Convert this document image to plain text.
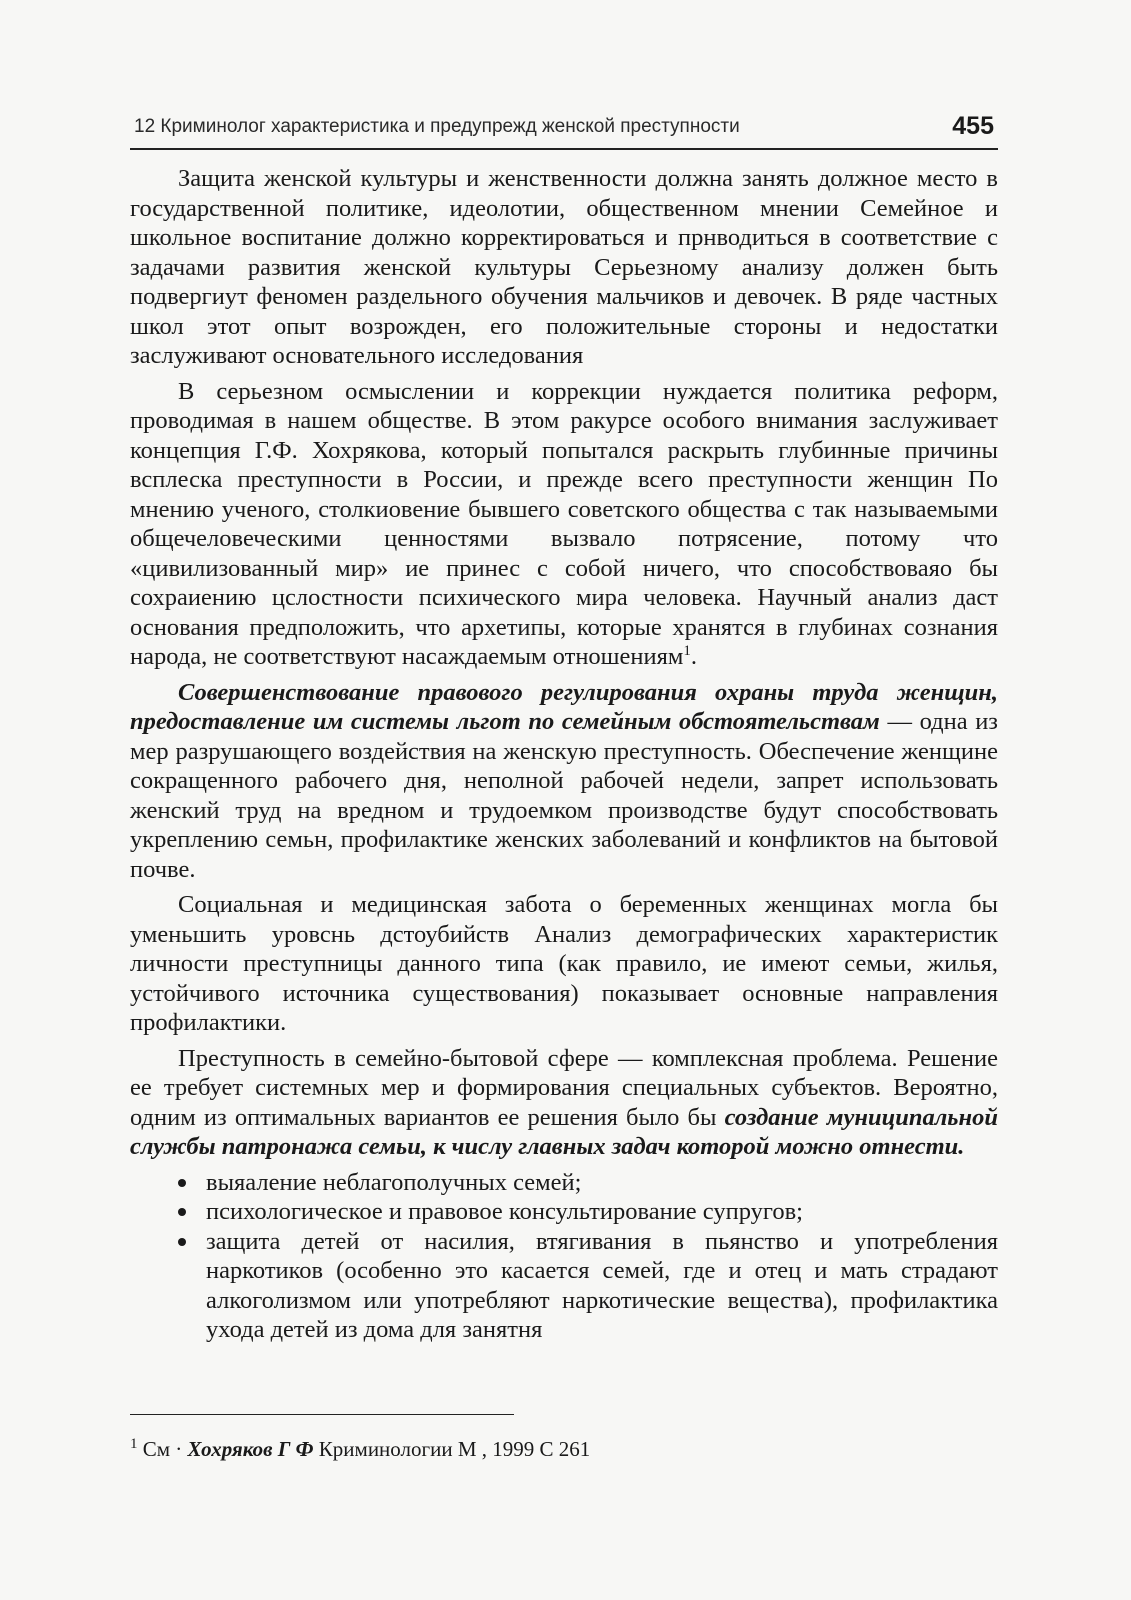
12 Криминолог характеристика и предупрежд женской преступности	455

Защита женской культуры и женственности должна занять должное место в государственной политике, идеолотии, общественном мнении Семейное и школьное воспитание должно корректироваться и прнводиться в соответствие с задачами развития женской культуры Серьезному анализу должен быть подвергиут феномен раздельного обучения мальчиков и девочек. В ряде частных школ этот опыт возрожден, его положительные стороны и недостатки заслуживают основательного исследования

В серьезном осмыслении и коррекции нуждается политика реформ, проводимая в нашем обществе. В этом ракурсе особого внимания заслуживает концепция Г.Ф. Хохрякова, который попытался раскрыть глубинные причины всплеска преступности в России, и прежде всего преступности женщин По мнению ученого, столкиовение бывшего советского общества с так называемыми общечеловеческими ценностями вызвало потрясение, потому что «цивилизованный мир» ие принес с собой ничего, что способствоваяо бы сохраиению цслостности психического мира человека. Научный анализ даст основания предположить, что архетипы, которые хранятся в глубинах сознания народа, не соответствуют насаждаемым отношениям$^1$.

Совершенствование правового регулирования охраны труда женщин, предоставление им системы льгот по семейным обстоятельствам — одна из мер разрушающего воздействия на женскую преступность. Обеспечение женщине сокращенного рабочего дня, неполной рабочей недели, запрет использовать женский труд на вредном и трудоемком производстве будут способствовать укреплению семьн, профилактике женских заболеваний и конфликтов на бытовой почве.

Социальная и медицинская забота о беременных женщинах могла бы уменьшить уровснь дстоубийств Анализ демографических характеристик личности преступницы данного типа (как правило, ие имеют семьи, жилья, устойчивого источника существования) показывает основные направления профилактики.

Преступность в семейно-бытовой сфере — комплексная проблема. Решение ее требует системных мер и формирования специальных субъектов. Вероятно, одним из оптимальных вариантов ее решения было бы создание муниципальной службы патронажа семьи, к числу главных задач которой можно отнести.

выяаление неблагополучных семей;
психологическое и правовое консультирование супругов;
защита детей от насилия, втягивания в пьянство и употребления наркотиков (особенно это касается семей, где и отец и мать страдают алкоголизмом или употребляют наркотические вещества), профилактика ухода детей из дома для занятня
$^1$ См · Хохряков Г Ф Криминологии М , 1999 С 261
